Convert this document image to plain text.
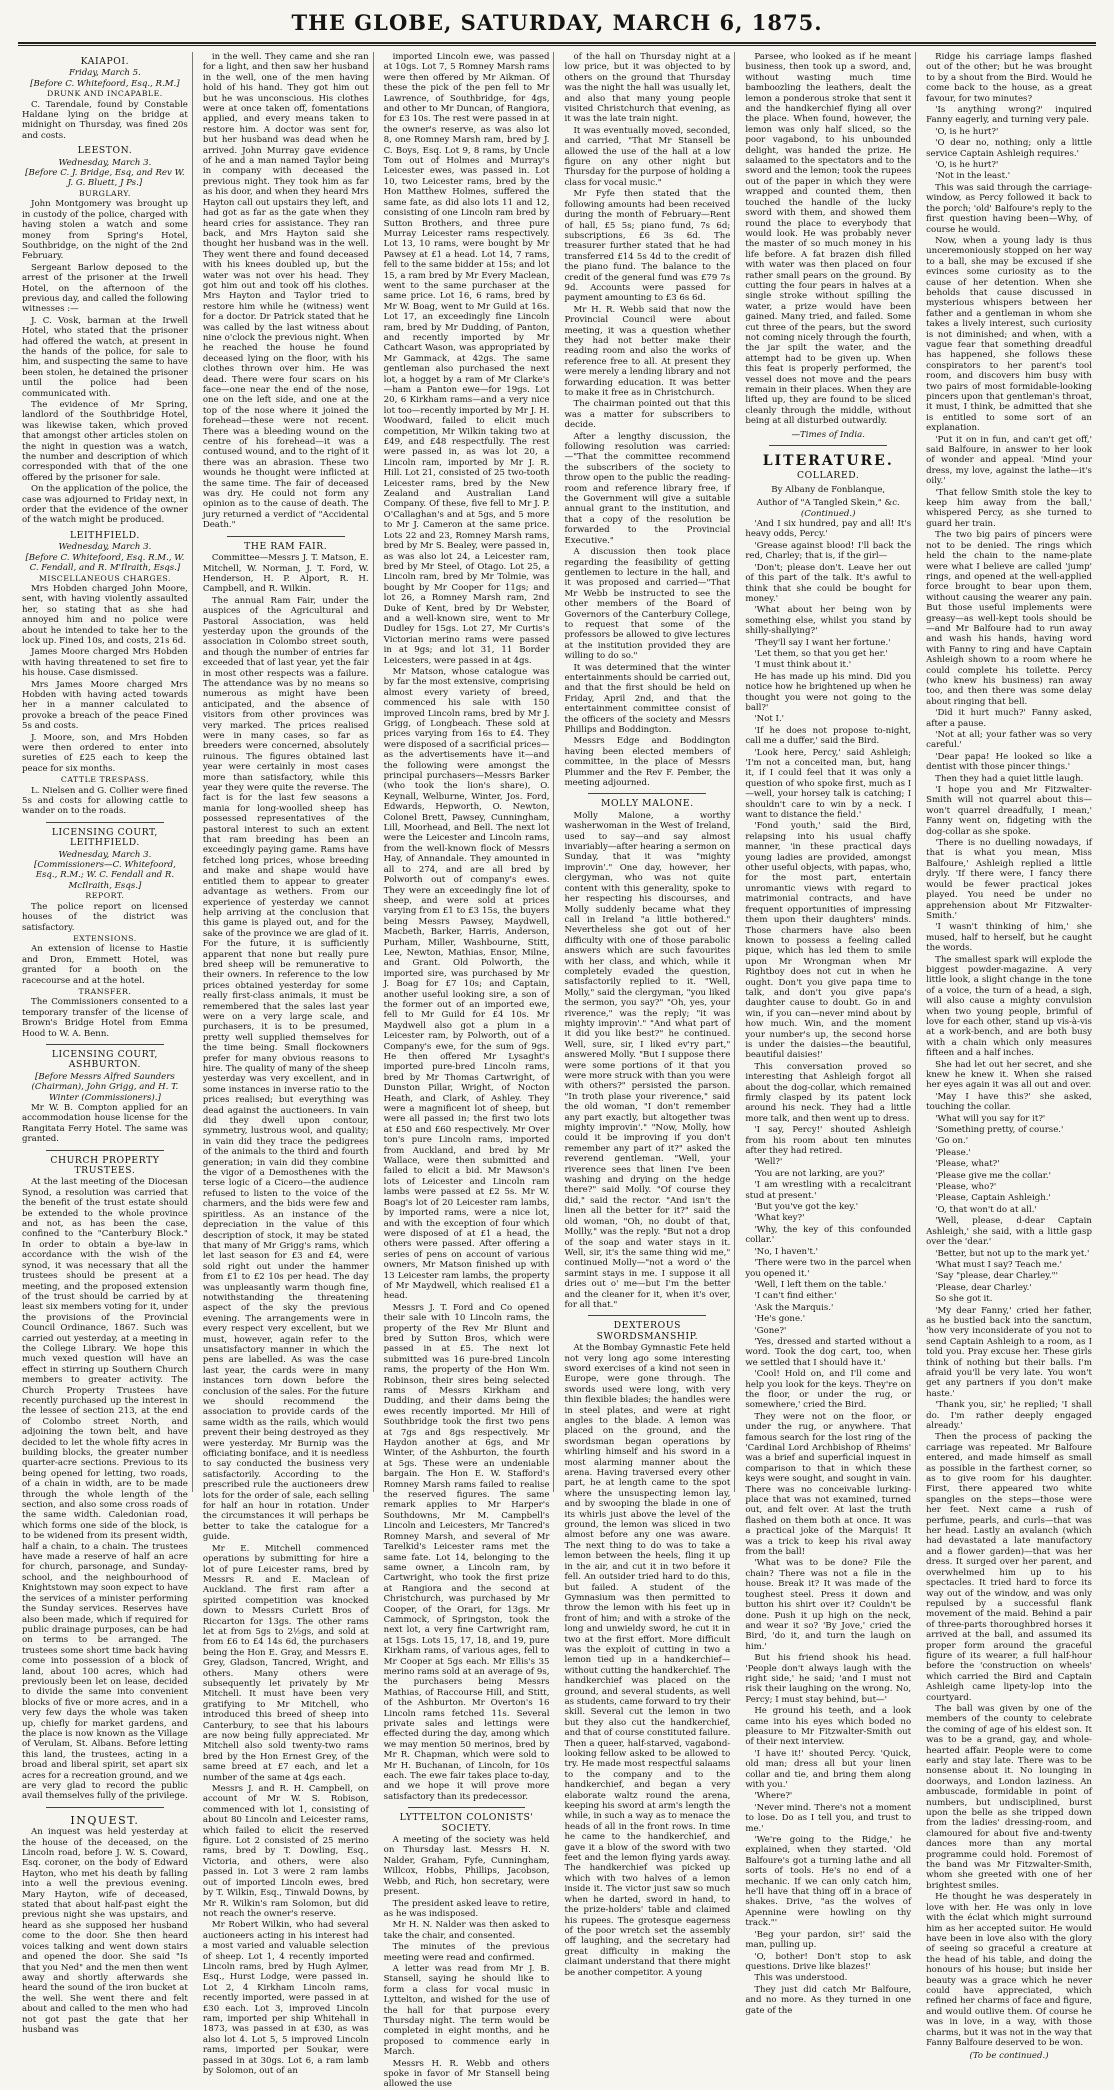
THE GLOBE, SATURDAY, MARCH 6, 1875.
KAIAPOI.
Friday, March 5.
[Before C. Whitefoord, Esq., R.M.]
DRUNK AND INCAPABLE.

C. Tarendale, found by Constable Haldane lying on the bridge at midnight on Thursday, was fined 20s and costs.

LEESTON.
Wednesday, March 3.
[Before C. J. Bridge, Esq, and Rev W. J. G. Bluett, J Ps.]
BURGLARY.

John Montgomery was brought up in custody of the police, charged with having stolen a watch and some money from Spring's Hotel, Southbridge, on the night of the 2nd February.

Sergeant Barlow deposed to the arrest of the prisoner at the Irwell Hotel, on the afternoon of the previous day, and called the following witnesses :—

J. C. Vosk, barman at the Irwell Hotel, who stated that the prisoner had offered the watch, at present in the hands of the police, for sale to him, and suspecting the same to have been stolen, he detained the prisoner until the police had been communicated with.

The evidence of Mr Spring, landlord of the Southbridge Hotel, was likewise taken, which proved that amongst other articles stolen on the night in question was a watch, the number and description of which corresponded with that of the one offered by the prisoner for sale.

On the application of the police, the case was adjourned to Friday next, in order that the evidence of the owner of the watch might be produced.

LEITHFIELD.
Wednesday, March 3.
[Before C. Whitefoord, Esq. R.M., W. C. Fendall, and R. M'Ilraith, Esqs.]
MISCELLANEOUS CHARGES.

Mrs Hobden charged John Moore, sent, with having violently assaulted her, so stating that as she had annoyed him and no police were about he intended to take her to the lock up. Fined 10s, and costs, 21s 6d.

James Moore charged Mrs Hobden with having threatened to set fire to his house. Case dismissed.

Mrs James Moore charged Mrs Hobden with having acted towards her in a manner calculated to provoke a breach of the peace Fined 5s and costs.

J. Moore, son, and Mrs Hobden were then ordered to enter into sureties of £25 each to keep the peace for six months.

CATTLE TRESPASS.

L. Nielsen and G. Collier were fined 5s and costs for allowing cattle to wander on to the roads.

LICENSING COURT, LEITHFIELD.
Wednesday, March 3.
[Commissioners—C. Whitefoord, Esq., R.M.; W. C. Fendall and R. McIlraith, Esqs.]
REPORT.

The police report on licensed houses of the district was satisfactory.

EXTENSIONS.

An extension of license to Hastie and Dron, Emmett Hotel, was granted for a booth on the racecourse and at the hotel.

TRANSFER.

The Commissioners consented to a temporary transfer of the license of Brown's Bridge Hotel from Emma Hood to W. A. Benn.

LICENSING COURT, ASHBURTON.
[Before Messrs Alfred Saunders (Chairman), John Grigg, and H. T. Winter (Commissioners).]

Mr W. B. Compton applied for an accommodation house license for the Rangitata Ferry Hotel. The same was granted.

CHURCH PROPERTY TRUSTEES.

At the last meeting of the Diocesan Synod, a resolution was carried that the benefit of the trust estate should be extended to the whole province and not, as has been the case, confined to the "Canterbury Block." In order to obtain a bye-law in accordance with the wish of the synod, it was necessary that all the trustees should be present at a meeting, and the proposed extension of the trust should be carried by at least six members voting for it, under the provisions of the Provincial Council Ordinance, 1867. Such was carried out yesterday, at a meeting in the College Library. We hope this much vexed question will have an effect in stirring up Southern Church members to greater activity. The Church Property Trustees have recently purchased up the interest in the lessee of section 213, at the end of Colombo street North, and adjoining the town belt, and have decided to let the whole fifty acres in building blocks, the greater number quarter-acre sections. Previous to its being opened for letting, two roads, of a chain in width, are to be made through the whole length of the section, and also some cross roads of the same width. Caledonian road, which forms one side of the block, is to be widened from its present width, half a chain, to a chain. The trustees have made a reserve of half an acre for church, parsonage, and Sunday-school, and the neighbourhood of Knightstown may soon expect to have the services of a minister performing the Sunday services. Reserves have also been made, which if required for public drainage purposes, can be had on terms to be arranged. The trustees some short time back having come into possession of a block of land, about 100 acres, which had previously been let on lease, decided to divide the same into convenient blocks of five or more acres, and in a very few days the whole was taken up, chiefly for market gardens, and the place is now known as the Village of Verulam, St. Albans. Before letting this land, the trustees, acting in a broad and liberal spirit, set apart six acres for a recreation ground, and we are very glad to record the public avail themselves fully of the privilege.

INQUEST.

An inquest was held yesterday at the house of the deceased, on the Lincoln road, before J. W. S. Coward, Esq. coroner, on the body of Edward Hayton, who met his death by falling into a well the previous evening. Mary Hayton, wife of deceased, stated that about half-past eight the previous night she was upstairs, and heard as she supposed her husband come to the door. She then heard voices talking and went down stairs and opened the door. She said "Is that you Ned" and the men then went away and shortly afterwards she heard the sound of the iron bucket at the well. She went there and felt about and called to the men who had not got past the gate that her husband was

in the well. They came and she ran for a light, and then saw her husband in the well, one of the men having hold of his hand. They got him out but he was unconscious. His clothes were at once taken off, fomentations applied, and every means taken to restore him. A doctor was sent for, but her husband was dead when he arrived. John Murray gave evidence of he and a man named Taylor being in company with deceased the previous night. They took him as far as his door, and when they heard Mrs Hayton call out upstairs they left, and had got as far as the gate when they heard cries for assistance. They ran back, and Mrs Hayton said she thought her husband was in the well. They went there and found deceased with his knees doubled up, but the water was not over his head. They got him out and took off his clothes. Mrs Hayton and Taylor tried to restore him while he (witness) went for a doctor. Dr Patrick stated that he was called by the last witness about nine o'clock the previous night. When he reached the house he found deceased lying on the floor, with his clothes thrown over him. He was dead. There were four scars on his face—one near the end of the nose, one on the left side, and one at the top of the nose where it joined the forehead—these were not recent. There was a bleeding wound on the centre of his forehead—it was a contused wound, and to the right of it there was an abrasion. These two wounds he thought were inflicted at the same time. The fair of deceased was dry. He could not form any opinion as to the cause of death. The jury returned a verdict of "Accidental Death."

THE RAM FAIR.

Committee—Messrs J. T. Matson, E. Mitchell, W. Norman, J. T. Ford, W. Henderson, H. P. Alport, R. H. Campbell, and R. Wilkin.

The annual Ram Fair, under the auspices of the Agricultural and Pastoral Association, was held yesterday upon the grounds of the association in Colombo street south, and though the number of entries far exceeded that of last year, yet the fair in most other respects was a failure. The attendance was by no means so numerous as might have been anticipated, and the absence of visitors from other provinces was very marked. The prices realised were in many cases, so far as breeders were concerned, absolutely ruinous. The figures obtained last year were certainly in most cases more than satisfactory, while this year they were quite the reverse. The fact is for the last few seasons a mania for long-woolled sheep has possessed representatives of the pastoral interest to such an extent that ram breeding has been an exceedingly paying game. Rams have fetched long prices, whose breeding and make and shape would have entitled them to appear to greater advantage as wethers. From our experience of yesterday we cannot help arriving at the conclusion that this game is played out, and for the sake of the province we are glad of it. For the future, it is sufficiently apparent that none but really pure bred sheep will be remunerative to their owners. In reference to the low prices obtained yesterday for some really first-class animals, it must be remembered that the sales last year were on a very large scale, and purchasers, it is to be presumed, pretty well supplied themselves for the time being. Small flockowners prefer for many obvious reasons to hire. The quality of many of the sheep yesterday was very excellent, and in some instances in inverse ratio to the prices realised; but everything was dead against the auctioneers. In vain did they dwell upon contour, symmetry, lustrous wool, and quality; in vain did they trace the pedigrees of the animals to the third and fourth generation; in vain did they combine the vigor of a Demosthenes with the terse logic of a Cicero—the audience refused to listen to the voice of the charmers, and the bids were few and spiritless. As an instance of the depreciation in the value of this description of stock, it may be stated that many of Mr Grigg's rams, which let last season for £3 and £4, were sold right out under the hammer from £1 to £2 10s per head. The day was unpleasantly warm though fine, notwithstanding the threatening aspect of the sky the previous evening. The arrangements were in every respect very excellent, but we must, however, again refer to the unsatisfactory manner in which the pens are labelled. As was the case last year, the cards were in many instances torn down before the conclusion of the sales. For the future we should recommend the association to provide cards of the same width as the rails, which would prevent their being destroyed as they were yesterday. Mr Burnip was the officiating boniface, and it is needless to say conducted the business very satisfactorily. According to the prescribed rule the auctioneers drew lots for the order of sale, each selling for half an hour in rotation. Under the circumstances it will perhaps be better to take the catalogue for a guide.

Mr E. Mitchell commenced operations by submitting for hire a lot of pure Leicester rams, bred by Messrs R. and E. Maclean of Auckland. The first ram after a spirited competition was knocked down to Messrs Curlett Bros of Riccarton for 13gs. The other rams let at from 5gs to 2½gs, and sold at from £6 to £4 14s 6d, the purchasers being the Hon E. Gray, and Messrs E. Grey, Gladson, Tancred, Wright, and others. Many others were subsequently let privately by Mr Mitchell. It must have been very gratifying to Mr Mitchell, who introduced this breed of sheep into Canterbury, to see that his labours are now being fully appreciated. Mr Mitchell also sold twenty-two rams bred by the Hon Ernest Grey, of the same breed at £7 each, and let a number of the same at 4gs each.

Messrs J. and R. H. Campbell, on account of Mr W. S. Robison, commenced with lot 1, consisting of about 80 Lincoln and Leicester rams, which failed to elicit the reserved figure. Lot 2 consisted of 25 merino rams, bred by T. Dowling, Esq., Victoria, and others, were also passed in. Lot 3 were 2 ram lambs out of imported Lincoln ewes, bred by T. Wilkin, Esq., Tinwald Downs, by Mr R. Wilkin's ram Solomon, but did not reach the owner's reserve.

Mr Robert Wilkin, who had several auctioneers acting in his interest had a most varied and valuable selection of sheep. Lot 1, 4 recently imported Lincoln rams, bred by Hugh Aylmer, Esq., Hurst Lodge, were passed in. Lot 2, 4 Kirkham Lincoln rams, recently imported, were passed in at £30 each. Lot 3, improved Lincoln ram, imported per ship Whitehall in 1873, was passed in at £30, as was also lot 4. Lot 5, 5 improved Lincoln rams, imported per Soukar, were passed in at 30gs. Lot 6, a ram lamb by Solomon, out of an

imported Lincoln ewe, was passed at 10gs. Lot 7, 5 Romney Marsh rams were then offered by Mr Aikman. Of these the pick of the pen fell to Mr Lawrence, of Southbridge, for 4gs, and other to Mr Duncan, of Rangiora, for £3 10s. The rest were passed in at the owner's reserve, as was also lot 8, one Romney Marsh ram, bred by J. C. Boys, Esq. Lot 9, 8 rams, by Uncle Tom out of Holmes and Murray's Leicester ewes, was passed in. Lot 10, two Leicester rams, bred by the Hon Matthew Holmes, suffered the same fate, as did also lots 11 and 12, consisting of one Lincoln ram bred by Sutton Brothers, and three pure Murray Leicester rams respectively. Lot 13, 10 rams, were bought by Mr Pawsey at £1 a head. Lot 14, 7 rams, fell to the same bidder at 15s; and lot 15, a ram bred by Mr Every Maclean, went to the same purchaser at the same price. Lot 16, 6 rams, bred by Mr W. Boag, went to Mr Guild at 16s. Lot 17, an exceedingly fine Lincoln ram, bred by Mr Dudding, of Panton, and recently imported by Mr Cathcart Wason, was appropriated by Mr Gammack, at 42gs. The same gentleman also purchased the next lot, a hogget by a ram of Mr Clarke's—ham a Panton ewe—for 19gs. Lot 20, 6 Kirkham rams—and a very nice lot too—recently imported by Mr J. H. Woodward, failed to elicit much competition, Mr Wilkin taking two at £49, and £48 respectfully. The rest were passed in, as was lot 20, a Lincoln ram, imported by Mr J. R. Hill. Lot 21, consisted of 25 two-tooth Leicester rams, bred by the New Zealand and Australian Land Company. Of these, five fell to Mr J. P. O'Callaghan's and at 5gs, and 5 more to Mr J. Cameron at the same price. Lots 22 and 23, Romney Marsh rams, bred by Mr S. Bealey, were passed in, as was also lot 24, a Leicester ram, bred by Mr Steel, of Otago. Lot 25, a Lincoln ram, bred by Mr Tolmie, was bought by Mr Cooper for 11gs; and lot 26, a Romney Marsh ram, 2nd Duke of Kent, bred by Dr Webster, and a well-known sire, went to Mr Dudley for 15gs. Lot 27, Mr Curtis's Victorian merino rams were passed in at 9gs; and lot 31, 11 Border Leicesters, were passed in at 4gs.

Mr Matson, whose catalogue was by far the most extensive, comprising almost every variety of breed, commenced his sale with 150 improved Lincoln rams, bred by Mr J. Grigg, of Longbeach. These sold at prices varying from 16s to £4. They were disposed of a sacrificial prices—as the advertisements have it—and the following were amongst the principal purchasers—Messrs Barker (who took the lion's share), O. Keynall, Welburne, Winter, Jos. Ford, Edwards, Hepworth, O. Newton, Colonel Brett, Pawsey, Cunningham, Lill, Moorhead, and Bell. The next lot were the Leicester and Lincoln rams, from the well-known flock of Messrs Hay, of Annandale. They amounted in all to 274, and are all bred by Polworth out of company's ewes. They were an exceedingly fine lot of sheep, and were sold at prices varying from £1 to £3 15s, the buyers being Messrs Pawsey, Maydwell, Macbeth, Barker, Harris, Anderson, Purham, Miller, Washbourne, Stitt, Lee, Newton, Mathias, Ensor, Milne, and Grant. Old Polworth, the imported sire, was purchased by Mr J. Boag for £7 10s; and Captain, another useful looking sire, a son of the former out of an imported ewe, fell to Mr Guild for £4 10s. Mr Maydwell also got a plum in a Leicester ram, by Polworth, out of a Company's ewe, for the sum of 9gs. He then offered Mr Lysaght's imported pure-bred Lincoln rams, bred by Mr Thomas Cartwright, of Dunston Pillar, Wright, of Nocton Heath, and Clark, of Ashley. They were a magnificent lot of sheep, but were all passed in; the first two lots at £50 and £60 respectively. Mr Over ton's pure Lincoln rams, imported from Auckland, and bred by Mr Wallace, were then submitted and failed to elicit a bid. Mr Mawson's lots of Leicester and Lincoln ram lambs were passed at £2 5s. Mr W. Boag's lot of 20 Leicester ram lambs, by imported rams, were a nice lot, and with the exception of four which were disposed of at £1 a head, the others were passed. After offering a series of pens on account of various owners, Mr Matson finished up with 13 Leicester ram lambs, the property of Mr Maydwell, which realised £1 a head.

Messrs J. T. Ford and Co opened their sale with 10 Lincoln rams, the property of the Rev Mr Blunt and bred by Sutton Bros, which were passed in at £5. The next lot submitted was 16 pure-bred Lincoln rams, the property of the Hon Wm. Robinson, their sires being selected rams of Messrs Kirkham and Dudding, and their dams being the ewes recently imported. Mr Hill of Southbridge took the first two pens at 7gs and 8gs respectively. Mr Haydon another at 6gs, and Mr Winter, of the Ashburton, the fourth at 5gs. These were an undeniable bargain. The Hon E. W. Stafford's Romney Marsh rams failed to realise the reserved figures. The same remark applies to Mr Harper's Southdowns, Mr M. Campbell's Lincoln and Leicesters, Mr Tancred's Romney Marsh, and several of Mr Tarelkid's Leicester rams met the same fate. Lot 14, belonging to the same owner, a Lincoln ram, by Cartwright, who took the first prize at Rangiora and the second at Christchurch, was purchased by Mr Cooper, of the Orari, for 13gs. Mr Cammock, of Springston, took the next lot, a very fine Cartwright ram, at 15gs. Lots 15, 17, 18, and 19, pure Kirkham rams, of various ages, fell to Mr Cooper at 5gs each. Mr Ellis's 35 merino rams sold at an average of 9s, the purchasers being Messrs Mathias, of Raccourse Hill, and Stitt, of the Ashburton. Mr Overton's 16 Lincoln rams fetched 11s. Several private sales and lettings were effected during the day, among which we may mention 50 merinos, bred by Mr R. Chapman, which were sold to Mr H. Buchanan, of Lincoln, for 10s each. The ewe fair takes place to-day, and we hope it will prove more satisfactory than its predecessor.

LYTTELTON COLONISTS' SOCIETY.

A meeting of the society was held on Thursday last. Messrs H. N. Nalder, Graham, Fyfe, Cunningham, Willcox, Hobbs, Phillips, Jacobson, Webb, and Rich, hon secretary, were present.

The president asked leave to retire, as he was indisposed.

Mr H. N. Nalder was then asked to take the chair, and consented.

The minutes of the previous meeting were read and confirmed.

A letter was read from Mr J. B. Stansell, saying he should like to form a class for vocal music in Lyttelton, and wished for the use of the hall for that purpose every Thursday night. The term would be completed in eight months, and he proposed to commence early in March.

Messrs H. R. Webb and others spoke in favor of Mr Stansell being allowed the use

of the hall on Thursday night at a low price, but it was objected to by others on the ground that Thursday was the night the hall was usually let, and also that many young people visited Christchurch that evening, as it was the late train night.

It was eventually moved, seconded, and carried, "That Mr Stansell be allowed the use of the hall at a low figure on any other night but Thursday for the purpose of holding a class for vocal music."

Mr Fyfe then stated that the following amounts had been received during the month of February—Rent of hall, £5 5s; piano fund, 7s 6d; subscriptions, £6 3s 6d. The treasurer further stated that he had transferred £14 5s 4d to the credit of the piano fund. The balance to the credit of the general fund was £79 7s 9d. Accounts were passed for payment amounting to £3 6s 6d.

Mr H. R. Webb said that now the Provincial Council were about meeting, it was a question whether they had not better make their reading room and also the works of reference free to all. At present they were merely a lending library and not forwarding education. It was better to make it free as in Christchurch.

The chairman pointed out that this was a matter for subscribers to decide.

After a lengthy discussion, the following resolution was carried:—"That the committee recommend the subscribers of the society to throw open to the public the reading-room and reference library free, if the Government will give a suitable annual grant to the institution, and that a copy of the resolution be forwarded to the Provincial Executive."

A discussion then took place regarding the feasibility of getting gentlemen to lecture in the hall, and it was proposed and carried—"That Mr Webb be instructed to see the other members of the Board of Governors of the Canterbury College, to request that some of the professors be allowed to give lectures at the institution provided they are willing to do so."

It was determined that the winter entertainments should be carried out, and that the first should be held on Friday, April 2nd, and that the entertainment committee consist of the officers of the society and Messrs Phillips and Boddington.

Messrs Edge and Boddington having been elected members of committee, in the place of Messrs Plummer and the Rev F. Pember, the meeting adjourned.

MOLLY MALONE.

Molly Malone, a worthy washerwoman in the West of Ireland, used to say—and say almost invariably—after hearing a sermon on Sunday, that it was "mighty improvin'." One day, however, her clergyman, who was not quite content with this generality, spoke to her respecting his discourses, and Molly suddenly became what they call in Ireland "a little bothered." Nevertheless she got out of her difficulty with one of those parabolic answers which are such favourites with her class, and which, while it completely evaded the question, satisfactorily replied to it. "Well, Molly," said the clergyman, "you liked the sermon, you say?" "Oh, yes, your riverence," was the reply; "it was mighty improvin'." "And what part of it did you like best?" he continued. Well, sure, sir, I liked ev'ry part," answered Molly. "But I suppose there were some portions of it that you were more struck with than you were with others?" persisted the parson. "In troth plase your riverence," said the old woman, "I don't remember any part exactly, but altogether twas mighty improvin'." "Now, Molly, how could it be improving if you don't remember any part of it?" asked the reverend gentleman. "Well, your riverence sees that linen I've been washing and drying on the hedge there?" said Molly. "Of course they did," said the rector. "And isn't the linen all the better for it?" said the old woman, "Oh, no doubt of that, Mollly," was the reply. "But not a drop of the soap and water stays in it. Well, sir, it's the same thing wid me," continued Molly—"not a word o' the sarmint stays in me. I suppose it all dries out o' me—but I'm the better and the cleaner for it, when it's over, for all that."

DEXTEROUS SWORDSMANSHIP.

At the Bombay Gymnastic Fete held not very long ago some interesting sword exercises of a kind not seen in Europe, were gone through. The swords used were long, with very thin flexible blades; the handles were in steel plates, and were at right angles to the blade. A lemon was placed on the ground, and the swordsman began operations by whirling himself and his sword in a most alarming manner about the arena. Having traversed every other part, he at length came to the spot where the unsuspecting lemon lay, and by swooping the blade in one of its whirls just above the level of the ground, the lemon was sliced in two almost before any one was aware. The next thing to do was to take a lemon between the heels, fling it up in the air, and cut it in two before it fell. An outsider tried hard to do this, but failed. A student of the Gymnasium was then permitted to throw the lemon with his feet up in front of him; and with a stroke of the long and unwieldy sword, he cut it in two at the first effort. More difficult was the exploit of cutting in two a lemon tied up in a handkerchief—without cutting the handkerchief. The handkerchief was placed on the ground, and several students, as well as students, came forward to try their skill. Several cut the lemon in two but they also cut the handkerchief, and that of course constituted failure. Then a queer, half-starved, vagabond-looking fellow asked to be allowed to try. He made most respectful salaams to the company and to the handkerchief, and began a very elaborate waltz round the arena, keeping his sword at arm's length the while, in such a way as to menace the heads of all in the front rows. In time he came to the handkerchief, and gave it a blow of the sword with two feet and the lemon flying yards away. The handkerchief was picked up which with two halves of a lemon inside it. The victor just saw so much when he darted, sword in hand, to the prize-holders' table and claimed his rupees. The grotesque eagerness of the poor wretch set the assembly off laughing, and the secretary had great difficulty in making the claimant understand that there might be another competitor. A young

Parsee, who looked as if he meant business, then took up a sword, and, without wasting much time bamboozling the leathers, dealt the lemon a ponderous stroke that sent it and the handkerchief flying all over the place. When found, however, the lemon was only half sliced, so the poor vagabond, to his unbounded delight, was handed the prize. He salaamed to the spectators and to the sword and the lemon; took the rupees out of the paper in which they were wrapped and counted them, then touched the handle of the lucky sword with them, and showed them round the place to everybody that would look. He was probably never the master of so much money in his life before. A fat brazen dish filled with water was then placed on four rather small pears on the ground. By cutting the four pears in halves at a single stroke without spilling the water, a prize would have been gained. Many tried, and failed. Some cut three of the pears, but the sword not coming nicely through the fourth, the jar spilt the water, and the attempt had to be given up. When this feat is properly performed, the vessel does not move and the pears remain in their places. When they are lifted up, they are found to be sliced cleanly through the middle, without being at all disturbed outwardly.

—Times of India.
LITERATURE.
COLLARED.
By Albany de Fonblanque,
Author of "A Tangled Skein," &c.
(Continued.)

'And I six hundred, pay and all! It's heavy odds, Percy.'

'Grease against blood! I'll back the red, Charley; that is, if the girl—

'Don't; please don't. Leave her out of this part of the talk. It's awful to think that she could be bought for money.'

'What about her being won by something else, whilst you stand by shilly-shallying?'

'They'll say I want her fortune.'

'Let them, so that you get her.'

'I must think about it.'

He has made up his mind. Did you notice how he brightened up when he thought you were not going to the ball?'

'Not I.'

'If he does not propose to-night, call me a duffer,' said the Bird.

'Look here, Percy,' said Ashleigh; 'I'm not a conceited man, but, hang it, if I could feel that it was only a question of who spoke first, much as I—well, your horsey talk is catching; I shouldn't care to win by a neck. I want to distance the field.'

'Fond youth,' said the Bird, relapsing into his usual chaffy manner, 'in these practical days young ladies are provided, amongst other useful objects, with papas, who, for the most part, entertain unromantic views with regard to matrimonial contracts, and have frequent opportunities of impressing them upon their daughters' minds. Those charmers have also been known to possess a feeling called pique, which has led them to smile upon Mr Wrongman when Mr Rightboy does not cut in when he ought. Don't you give papa time to talk, and don't you give papa's daughter cause to doubt. Go in and win, if you can—never mind about by how much. Win, and the moment your number's up, the second horse is under the daisies—the beautiful, beautiful daisies!'

This conversation proved so interesting that Ashleigh forgot all about the dog-collar, which remained firmly clasped by its patent lock around his neck. They had a little more talk, and then went up to dress.

'I say, Percy!' shouted Ashleigh from his room about ten minutes after they had retired.

'Well?'

'You are not larking, are you?'

'I am wrestling with a recalcitrant stud at present.'

'But you've got the key.'

'What key?'

'Why, the key of this confounded collar.'

'No, I haven't.'

'There were two in the parcel when you opened it.'

'Well, I left them on the table.'

'I can't find either.'

'Ask the Marquis.'

'He's gone.'

'Gone?'

'Yes, dressed and started without a word. Took the dog cart, too, when we settled that I should have it.'

'Cool! Hold on, and I'll come and help you look for the keys. They're on the floor, or under the rug, or somewhere,' cried the Bird.

They were not on the floor, or under the rug, or anywhere. That famous search for the lost ring of the 'Cardinal Lord Archbishop of Rheims' was a brief and superficial inquest in comparison to that in which these keys were sought, and sought in vain. There was no conceivable lurking-place that was not examined, turned out, and felt over. At last the truth flashed on them both at once. It was a practical joke of the Marquis! It was a trick to keep his rival away from the ball!

'What was to be done? File the chain? There was not a file in the house. Break it? It was made of the toughest steel. Press it down and button his shirt over it? Couldn't be done. Push it up high on the neck, and wear it so? 'By Jove,' cried the Bird, 'do it, and turn the laugh on him.'

But his friend shook his head. 'People don't always laugh with the right side,' he said; 'and I must not risk their laughing on the wrong. No, Percy; I must stay behind, but—'

He ground his teeth, and a look came into his eyes which boded no pleasure to Mr Fitzwalter-Smith out of their next interview.

'I have it!' shouted Percy. 'Quick, old man; dress all but your linen collar and tie, and bring them along with you.'

'Where?'

'Never mind. There's not a moment to lose. Do as I tell you, and trust to me.'

'We're going to the Ridge,' he explained, when they started. 'Old Balfoure's got a turning lathe and all sorts of tools. He's no end of a mechanic. If we can only catch him, he'll have that thing off in a brace of shakes. Drive, "as the wolves of Apennine were howling on thy track."'

'Beg your pardon, sir!' said the man, pulling up.

'O, bother! Don't stop to ask questions. Drive like blazes!'

This was understood.

They just did catch Mr Balfoure, and no more. As they turned in one gate of the

Ridge his carriage lamps flashed out of the other; but he was brought to by a shout from the Bird. Would he come back to the house, as a great favour, for two minutes?

'Is anything wrong?' inquired Fanny eagerly, and turning very pale.

'O, is he hurt?'

'O dear no, nothing; only a little service Captain Ashleigh requires.'

'O, is he hurt?'

'Not in the least.'

This was said through the carriage-window, as Percy followed it back to the porch; 'old' Balfoure's reply to the first question having been—Why, of course he would.

Now, when a young lady is thus unceremoniously stopped on her way to a ball, she may be excused if she evinces some curiosity as to the cause of her detention. When she beholds that cause discussed in mysterious whispers between her father and a gentleman in whom she takes a lively interest, such curiosity is not diminished; and when, with a vague fear that something dreadful has happened, she follows these conspirators to her parent's tool room, and discovers him busy with two pairs of most formidable-looking pincers upon that gentleman's throat, it must, I think, be admitted that she is entitled to some sort of an explanation.

'Put it on in fun, and can't get off,' said Balfoure, in answer to her look of wonder and appeal. 'Mind your dress, my love, against the lathe—it's oily.'

'That fellow Smith stole the key to keep him away from the ball,' whispered Percy, as she turned to guard her train.

The two big pairs of pincers were not to be denied. The rings which held the chain to the name-plate were what I believe are called 'jump' rings, and opened at the well-applied force brought to bear upon them, without causing the wearer any pain. But those useful implements were greasy—as well-kept tools should be—and Mr Balfoure had to run away and wash his hands, having word with Fanny to ring and have Captain Ashleigh shown to a room where he could complete his toilette. Percy (who knew his business) ran away too, and then there was some delay about ringing that bell.

'Did it hurt much?' Fanny asked, after a pause.

'Not at all; your father was so very careful.'

'Dear papa! He looked so like a dentist with those pincer things.'

Then they had a quiet little laugh.

'I hope you and Mr Fitzwalter-Smith will not quarrel about this—won't quarrel dreadfully, I mean,' Fanny went on, fidgeting with the dog-collar as she spoke.

'There is no duelling nowadays, if that is what you mean, Miss Balfoure,' Ashleigh replied a little dryly. 'If there were, I fancy there would be fewer practical jokes played. You need be under no apprehension about Mr Fitzwalter-Smith.'

'I wasn't thinking of him,' she mused, half to herself, but he caught the words.

The smallest spark will explode the biggest powder-magazine. A very little look, a slight change in the tone of a voice, the turn of a head, a sigh, will also cause a mighty convulsion when two young people, brimful of love for each other, stand up vis-à-vis at a work-bench, and are both busy with a chain which only measures fifteen and a half inches.

She had let out her secret, and she knew he knew it. When she raised her eyes again it was all out and over.

'May I have this?' she asked, touching the collar.

'What will you say for it?'

'Something pretty, of course.'

'Go on.'

'Please.'

'Please, what?'

'Please give me the collar.'

'Please, who?'

'Please, Captain Ashleigh.'

'O, that won't do at all.'

'Well, please, d-dear Captain Ashleigh,' she said, with a little gasp over the 'dear.'

'Better, but not up to the mark yet.'

'What must I say? Teach me.'

'Say "please, dear Charley."'

'Please, dear Charley.'

So she got it.

'My dear Fanny,' cried her father, as he bustled back into the sanctum, 'how very inconsiderate of you not to send Captain Ashleigh to a room, as I told you. Pray excuse her. These girls think of nothing but their balls. I'm afraid you'll be very late. You won't get any partners if you don't make haste.'

'Thank you, sir,' he replied; 'I shall do. I'm rather deeply engaged already.'

Then the process of packing the carriage was repeated. Mr Balfoure entered, and made himself as small as possible in the farthest corner, so as to give room for his daughter. First, there appeared two white spangles on the steps—those were her feet. Next came a rush of perfume, pearls, and curls—that was her head. Lastly an avalanch (which had devastated a late manufactory and a flower garden)—that was her dress. It surged over her parent, and overwhelmed him up to his spectacles. It tried hard to force its way out of the window, and was only repulsed by a successful flank movement of the maid. Behind a pair of three-parts thoroughbred horses it arrived at the ball, and assumed its proper form around the graceful figure of its wearer, a full half-hour before the 'construction on wheels' which carried the Bird and Captain Ashleigh came lipety-lop into the courtyard.

The ball was given by one of the members of the county to celebrate the coming of age of his eldest son. It was to be a grand, gay, and whole-hearted affair. People were to come early and stay late. There was to be nonsense about it. No lounging in doorways, and London laziness. An ambuscade, formidable in point of numbers, but undisciplined, burst upon the belle as she tripped down from the ladies' dressing-room, and clamoured for about five and-twenty dances more than any mortal programme could hold. Foremost of the band was Mr Fitzwalter-Smith, whom she greeted with one of her brightest smiles.

He thought he was desperately in love with her. He was only in love with the éclat which might surround him as her accepted suitor. He would have been in love also with the glory of seeing so graceful a creature at the head of his table, and doing the honours of his house; but inside her beauty was a grace which he never could have appreciated, which refined her charms of face and figure, and would outlive them. Of course he was in love, in a way, with those charms, but it was not in the way that Fanny Balfoure deserved to be won.

(To be continued.)
